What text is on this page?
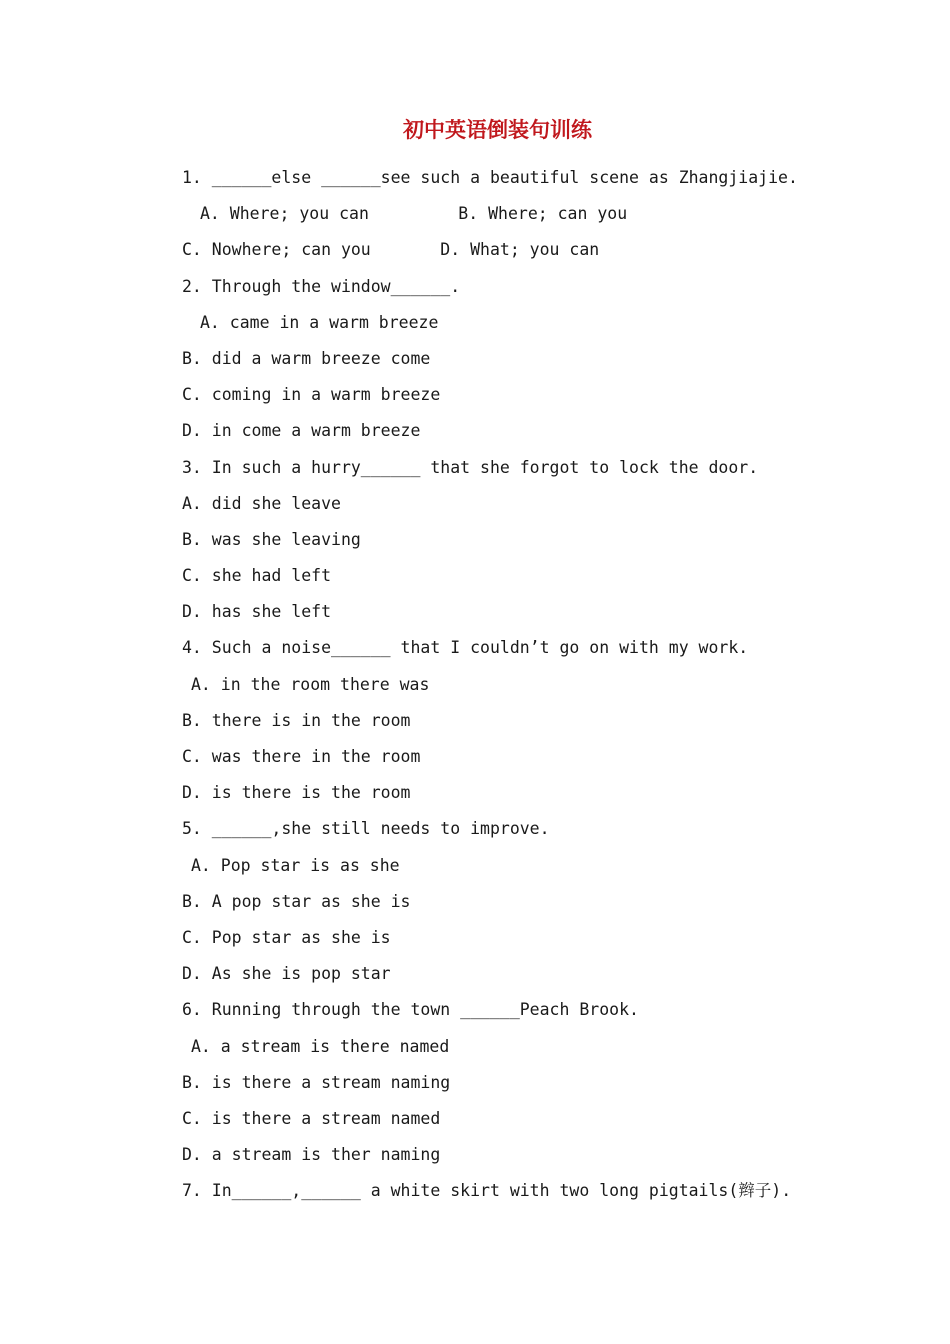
初中英语倒装句训练
1. ______else ______see such a beautiful scene as Zhangjiajie.
A. Where; you can         B. Where; can you
C. Nowhere; can you       D. What; you can
2. Through the window______.
A. came in a warm breeze
B. did a warm breeze come
C. coming in a warm breeze
D. in come a warm breeze
3. In such a hurry______ that she forgot to lock the door.
A. did she leave
B. was she leaving
C. she had left
D. has she left
4. Such a noise______ that I couldn’t go on with my work.
A. in the room there was
B. there is in the room
C. was there in the room
D. is there is the room
5. ______,she still needs to improve.
A. Pop star is as she
B. A pop star as she is
C. Pop star as she is
D. As she is pop star
6. Running through the town ______Peach Brook.
A. a stream is there named
B. is there a stream naming
C. is there a stream named
D. a stream is ther naming
7. In______,______ a white skirt with two long pigtails(辫子).
